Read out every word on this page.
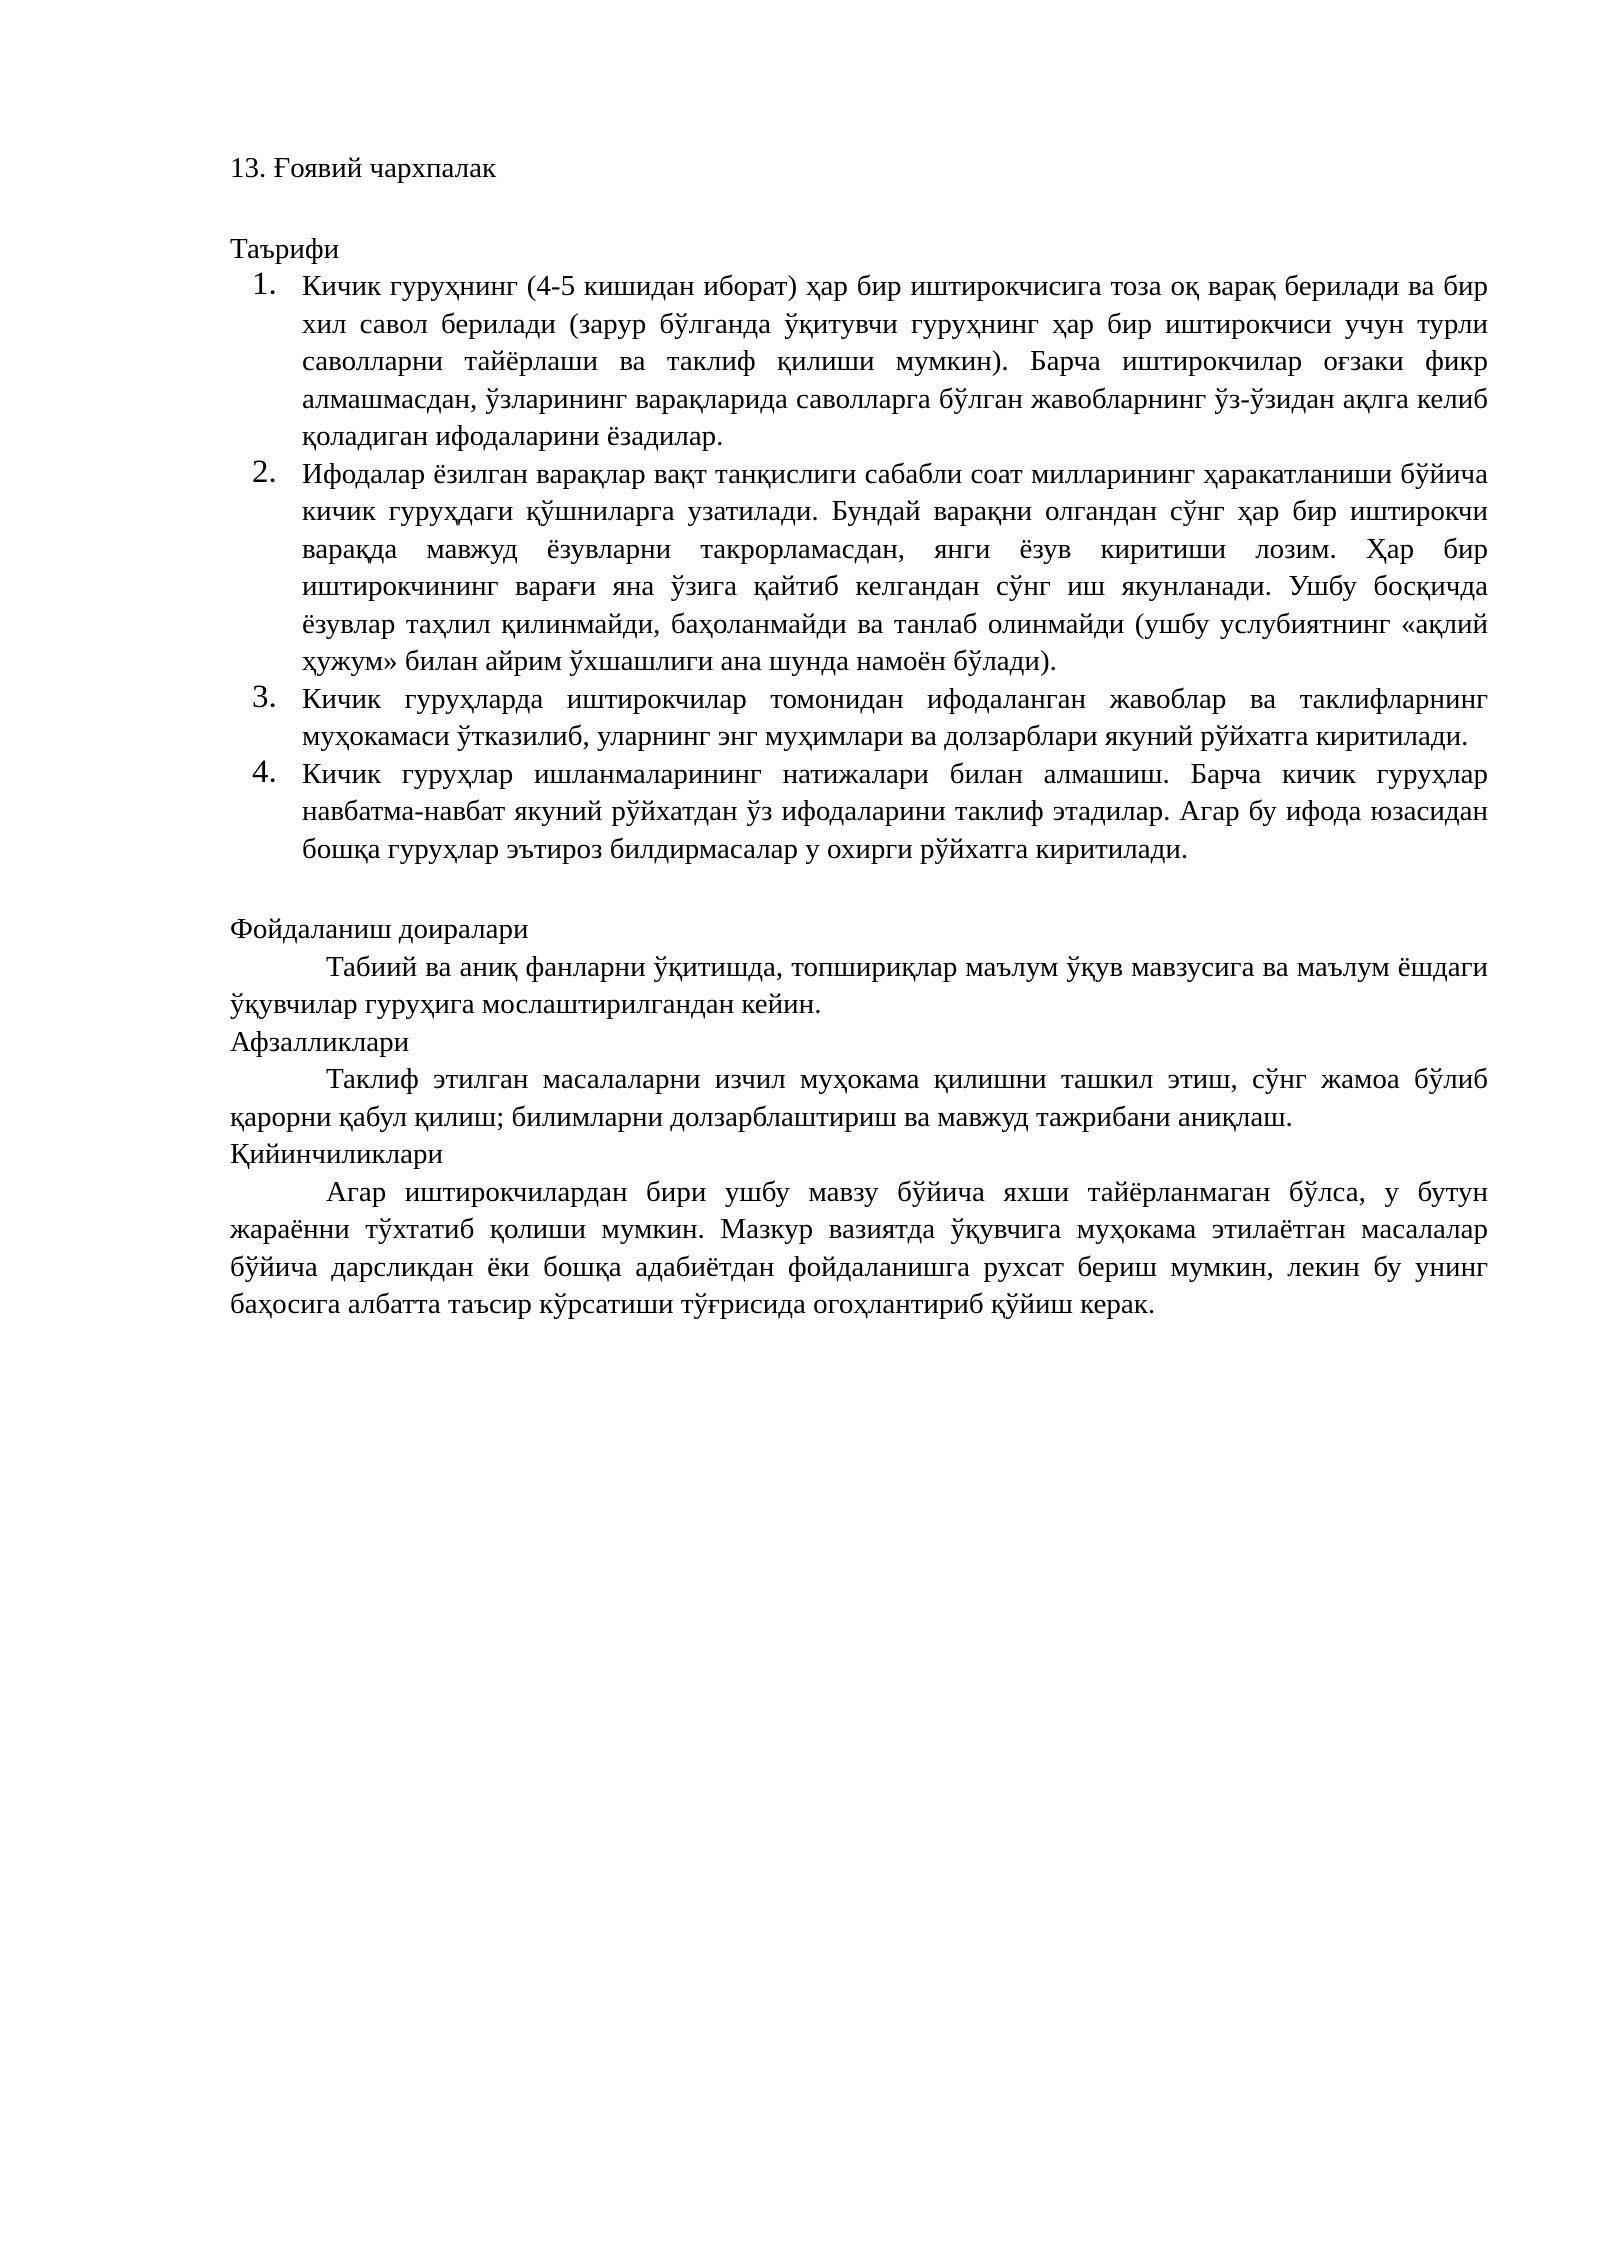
13. Ғоявий чархпалак

Таърифи

1. Кичик гуруҳнинг (4-5 кишидан иборат) ҳар бир иштирокчисига тоза оқ варақ берилади ва бир хил савол берилади (зарур бўлганда ўқитувчи гуруҳнинг ҳар бир иштирокчиси учун турли саволларни тайёрлаши ва таклиф қилиши мумкин). Барча иштирокчилар оғзаки фикр алмашмасдан, ўзларининг варақларида саволларга бўлган жавобларнинг ўз-ўзидан ақлга келиб қоладиган ифодаларини ёзадилар.
2. Ифодалар ёзилган варақлар вақт танқислиги сабабли соат милларининг ҳаракатланиши бўйича кичик гуруҳдаги қўшниларга узатилади. Бундай варақни олгандан сўнг ҳар бир иштирокчи варақда мавжуд ёзувларни такрорламасдан, янги ёзув киритиши лозим. Ҳар бир иштирокчининг варағи яна ўзига қайтиб келгандан сўнг иш якунланади. Ушбу босқичда ёзувлар таҳлил қилинмайди, баҳоланмайди ва танлаб олинмайди (ушбу услубиятнинг «ақлий ҳужум» билан айрим ўхшашлиги ана шунда намоён бўлади).
3. Кичик гуруҳларда иштирокчилар томонидан ифодаланган жавоблар ва таклифларнинг муҳокамаси ўтказилиб, уларнинг энг муҳимлари ва долзарблари якуний рўйхатга киритилади.
4. Кичик гуруҳлар ишланмаларининг натижалари билан алмашиш. Барча кичик гуруҳлар навбатма-навбат якуний рўйхатдан ўз ифодаларини таклиф этадилар. Агар бу ифода юзасидан бошқа гуруҳлар эътироз билдирмасалар у охирги рўйхатга киритилади.

Фойдаланиш доиралари

Табиий ва аниқ фанларни ўқитишда, топшириқлар маълум ўқув мавзусига ва маълум ёшдаги ўқувчилар гуруҳига мослаштирилгандан кейин.

Афзалликлари

Таклиф этилган масалаларни изчил муҳокама қилишни ташкил этиш, сўнг жамоа бўлиб қарорни қабул қилиш; билимларни долзарблаштириш ва мавжуд тажрибани аниқлаш.

Қийинчиликлари

Агар иштирокчилардан бири ушбу мавзу бўйича яхши тайёрланмаган бўлса, у бутун жараённи тўхтатиб қолиши мумкин. Мазкур вазиятда ўқувчига муҳокама этилаётган масалалар бўйича дарсликдан ёки бошқа адабиётдан фойдаланишга рухсат бериш мумкин, лекин бу унинг баҳосига албатта таъсир кўрсатиши тўғрисида огоҳлантириб қўйиш керак.
